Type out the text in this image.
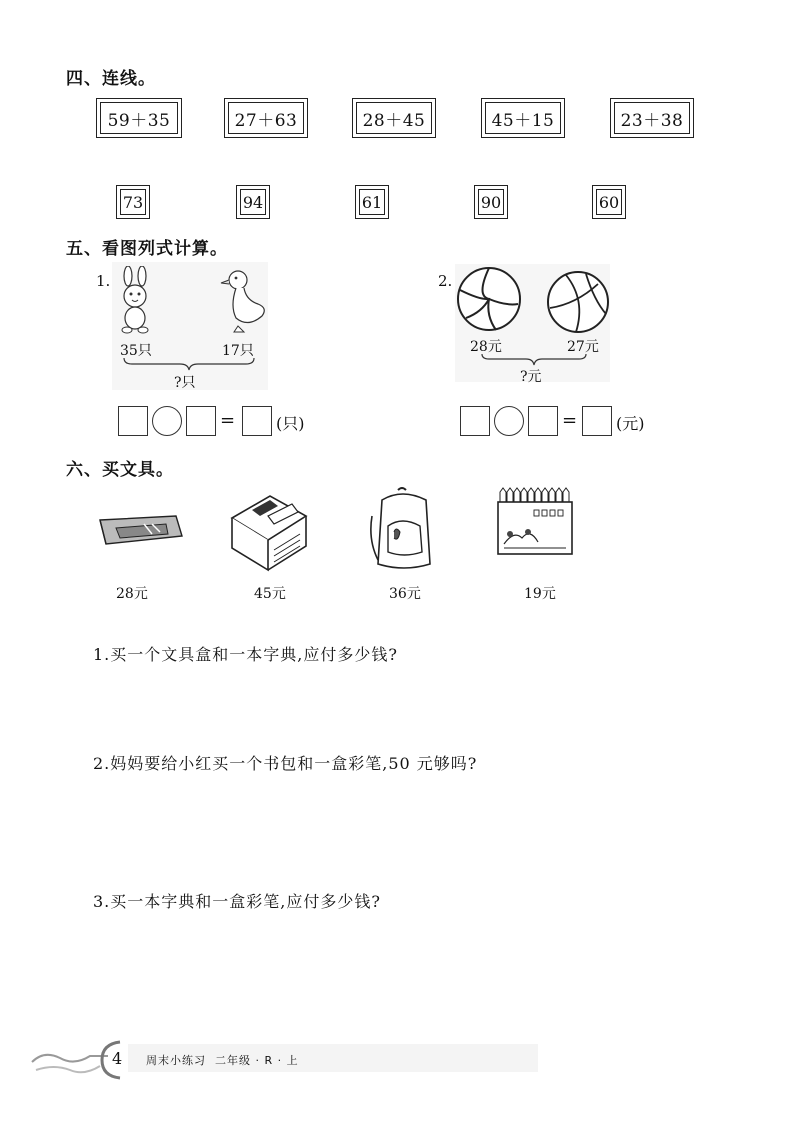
四、连线。
59＋35	27＋63	28＋45	45＋15	23＋38
73	94	61	90	60
五、看图列式计算。
1.
35只	17只
?只
=	(只)
2.
28元	27元
?元
= (元)
六、买文具。
28元	45元	36元	19元
1.买一个文具盒和一本字典,应付多少钱?
2.妈妈要给小红买一个书包和一盒彩笔,50 元够吗?
3.买一本字典和一盒彩笔,应付多少钱?
4 周末小练习  二年级 · R · 上
